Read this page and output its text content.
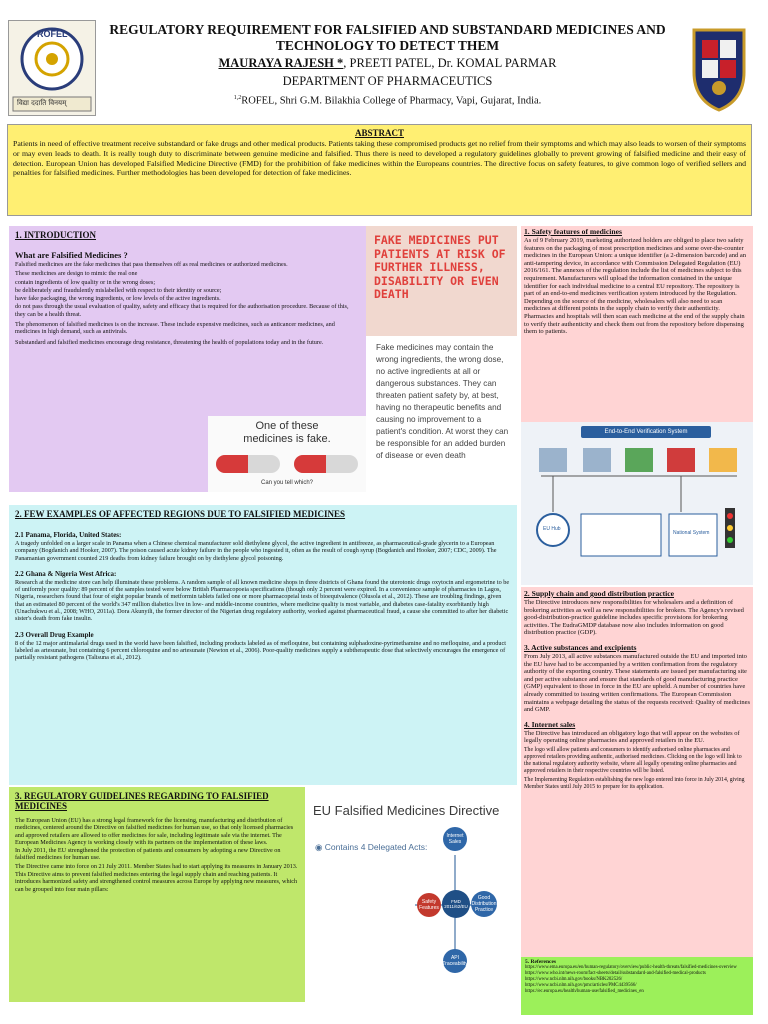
ROFEL
विद्या ददाति विनयम्
REGULATORY REQUIREMENT FOR FALSIFIED AND SUBSTANDARD MEDICINES AND TECHNOLOGY TO DETECT THEM
MAURAYA RAJESH *, PREETI PATEL, Dr. KOMAL PARMAR
DEPARTMENT OF PHARMACEUTICS
$^{1,2}$ROFEL, Shri G.M. Bilakhia College of Pharmacy, Vapi, Gujarat, India.
ABSTRACT

Patients in need of effective treatment receive substandard or fake drugs and other medical products. Patients taking these compromised products get no relief from their symptoms and which may also leads to worsen of their symptoms or may even leads to death. It is really tough duty to discriminate between genuine medicine and falsified. Thus there is need to developed a regulatory guidelines globally to prevent growing of falsified medicine and their easy of detection. European Union has developed Falsified Medicine Directive (FMD) for the prohibition of fake medicines within the Europeans countries. The directive focus on safety features, to give common logo of verified sellers and penalties for falsified medicines. Further methodologies has been developed for detection of fake medicines.

1. INTRODUCTION
What are Falsified Medicines ?

Falsified medicines are the fake medicines that pass themselves off as real medicines or authorized medicines.

These medicines are design to mimic the real one

contain ingredients of low quality or in the wrong doses;

be deliberately and fraudulently mislabelled with respect to their identity or source;

have fake packaging, the wrong ingredients, or low levels of the active ingredients.

do not pass through the usual evaluation of quality, safety and efficacy that is required for the authorisation procedure. Because of this, they can be a health threat.

The phenomenon of falsified medicines is on the increase. These include expensive medicines, such as anticancer medicines, and medicines in high demand, such as antivirals.

Substandard and falsified medicines encourage drug resistance, threatening the health of populations today and in the future.

One of these
medicines is fake.
Can you tell which?
FAKE MEDICINES PUT PATIENTS AT RISK OF FURTHER ILLNESS, DISABILITY OR EVEN DEATH
Fake medicines may contain the wrong ingredients, the wrong dose, no active ingredients at all or dangerous substances. They can threaten patient safety by, at best, having no therapeutic benefits and causing no improvement to a patient's condition. At worst they can be responsible for an added burden of disease or even death
2. FEW EXAMPLES OF AFFECTED REGIONS DUE TO FALSIFIED MEDICINES
2.1 Panama, Florida, United States:

A tragedy unfolded on a larger scale in Panama when a Chinese chemical manufacturer sold diethylene glycol, the active ingredient in antifreeze, as pharmaceutical-grade glycerin to a European company (Bogdanich and Hooker, 2007). The poison caused acute kidney failure in the people who ingested it, often as the result of cough syrup (Bogdanich and Hooker, 2007; CDC, 2009). The Panamanian government counted 219 deaths from kidney failure brought on by diethylene glycol poisoning.

2.2 Ghana & Nigeria West Africa:

Research at the medicine store can help illuminate these problems. A random sample of all known medicine shops in three districts of Ghana found the uterotonic drugs oxytocin and ergometrine to be of uniformly poor quality: 89 percent of the samples tested were below British Pharmacopoeia specifications (though only 2 percent were expired. In a convenience sample of pharmacies in Lagos, Nigeria, researchers found that four of eight popular brands of metformin tablets failed one or more pharmacopeial tests of bioequivalence (Olusola et al., 2012). These are troubling findings, given that an estimated 80 percent of the world's 347 million diabetics live in low- and middle-income countries, where medicine quality is most variable, and diabetes case-fatality exorbitantly high (Unachukwu et al., 2008; WHO, 2011a). Dora Akunyili, the former director of the Nigerian drug regulatory authority, worked against pharmaceutical fraud, a cause she committed to after her diabetic sister's death from fake insulin.

2.3 Overall Drug Example

8 of the 12 major antimalarial drugs used in the world have been falsified, including products labeled as of mefloquine, but containing sulphadoxine-pyrimethamine and no mefloquine, and a product labeled as artesunate, but containing 6 percent chloroquine and no artesunate (Newton et al., 2006). Poor-quality medicines supply a subtherapeutic dose that selectively encourages the emergence of partially resistant pathogens (Talisuna et al., 2012).

3. REGULATORY GUIDELINES REGARDING TO FALSIFIED MEDICINES

The European Union (EU) has a strong legal framework for the licensing, manufacturing and distribution of medicines, centered around the Directive on falsified medicines for human use, so that only licensed pharmacies and approved retailers are allowed to offer medicines for sale, including legitimate sale via the internet. The European Medicines Agency is working closely with its partners on the implementation of these laws.

In July 2011, the EU strengthened the protection of patients and consumers by adopting a new Directive on falsified medicines for human use.

The Directive came into force on 21 July 2011. Member States had to start applying its measures in January 2013.

This Directive aims to prevent falsified medicines entering the legal supply chain and reaching patients. It introduces harmonized safety and strengthened control measures across Europe by applying new measures, which can be grouped into four main pillars:

EU Falsified Medicines Directive
◉ Contains 4 Delegated Acts:
Internet Sales
Safety Features
FMD 2011/62/EU
Good Distribution Practice
API Traceability
1. Safety features of medicines

As of 9 February 2019, marketing authorized holders are obliged to place two safety features on the packaging of most prescription medicines and some over-the-counter medicines in the European Union: a unique identifier (a 2-dimension barcode) and an anti-tampering device, in accordance with Commission Delegated Regulation (EU) 2016/161. The annexes of the regulation include the list of medicines subject to this requirement. Manufacturers will upload the information contained in the unique identifier for each individual medicine to a central EU repository. The repository is part of an end-to-end medicines verification system introduced by the Regulation. Depending on the source of the medicine, wholesalers will also need to scan medicines at different points in the supply chain to verify their authenticity. Pharmacies and hospitals will then scan each medicine at the end of the supply chain to verify their authenticity and check them out from the repository before dispensing them to patients.

End-to-End Verification System
EU Hub
National System
2. Supply chain and good distribution practice

The Directive introduces new responsibilities for wholesalers and a definition of brokering activities as well as new responsibilities for brokers. The Agency's revised good-distribution-practice guideline includes specific provisions for brokering activities. The EudraGMDP database now also includes information on good distribution practice (GDP).

3. Active substances and excipients

From July 2013, all active substances manufactured outside the EU and imported into the EU have had to be accompanied by a written confirmation from the regulatory authority of the exporting country. These statements are issued per manufacturing site and per active substance and ensure that standards of good manufacturing practice (GMP) equivalent to those in force in the EU are upheld. A number of countries have already committed to issuing written confirmations. The European Commission maintains a webpage detailing the status of the requests received: Quality of medicines and GMP.

4. Internet sales

The Directive has introduced an obligatory logo that will appear on the websites of legally operating online pharmacies and approved retailers in the EU.

The logo will allow patients and consumers to identify authorised online pharmacies and approved retailers providing authentic, authorised medicines. Clicking on the logo will link to the national regulatory authority website, where all legally operating online pharmacies and approved retailers in their respective countries will be listed.

The Implementing Regulation establishing the new logo entered into force in July 2014, giving Member States until July 2015 to prepare for its application.

5. References

https://www.ema.europa.eu/en/human-regulatory/overview/public-health-threats/falsified-medicines-overview

https://www.who.int/news-room/fact-sheets/detail/substandard-and-falsified-medical-products

https://www.ncbi.nlm.nih.gov/books/NBK202526/

https://www.ncbi.nlm.nih.gov/pmc/articles/PMC4439566/

https://ec.europa.eu/health/human-use/falsified_medicines_en
